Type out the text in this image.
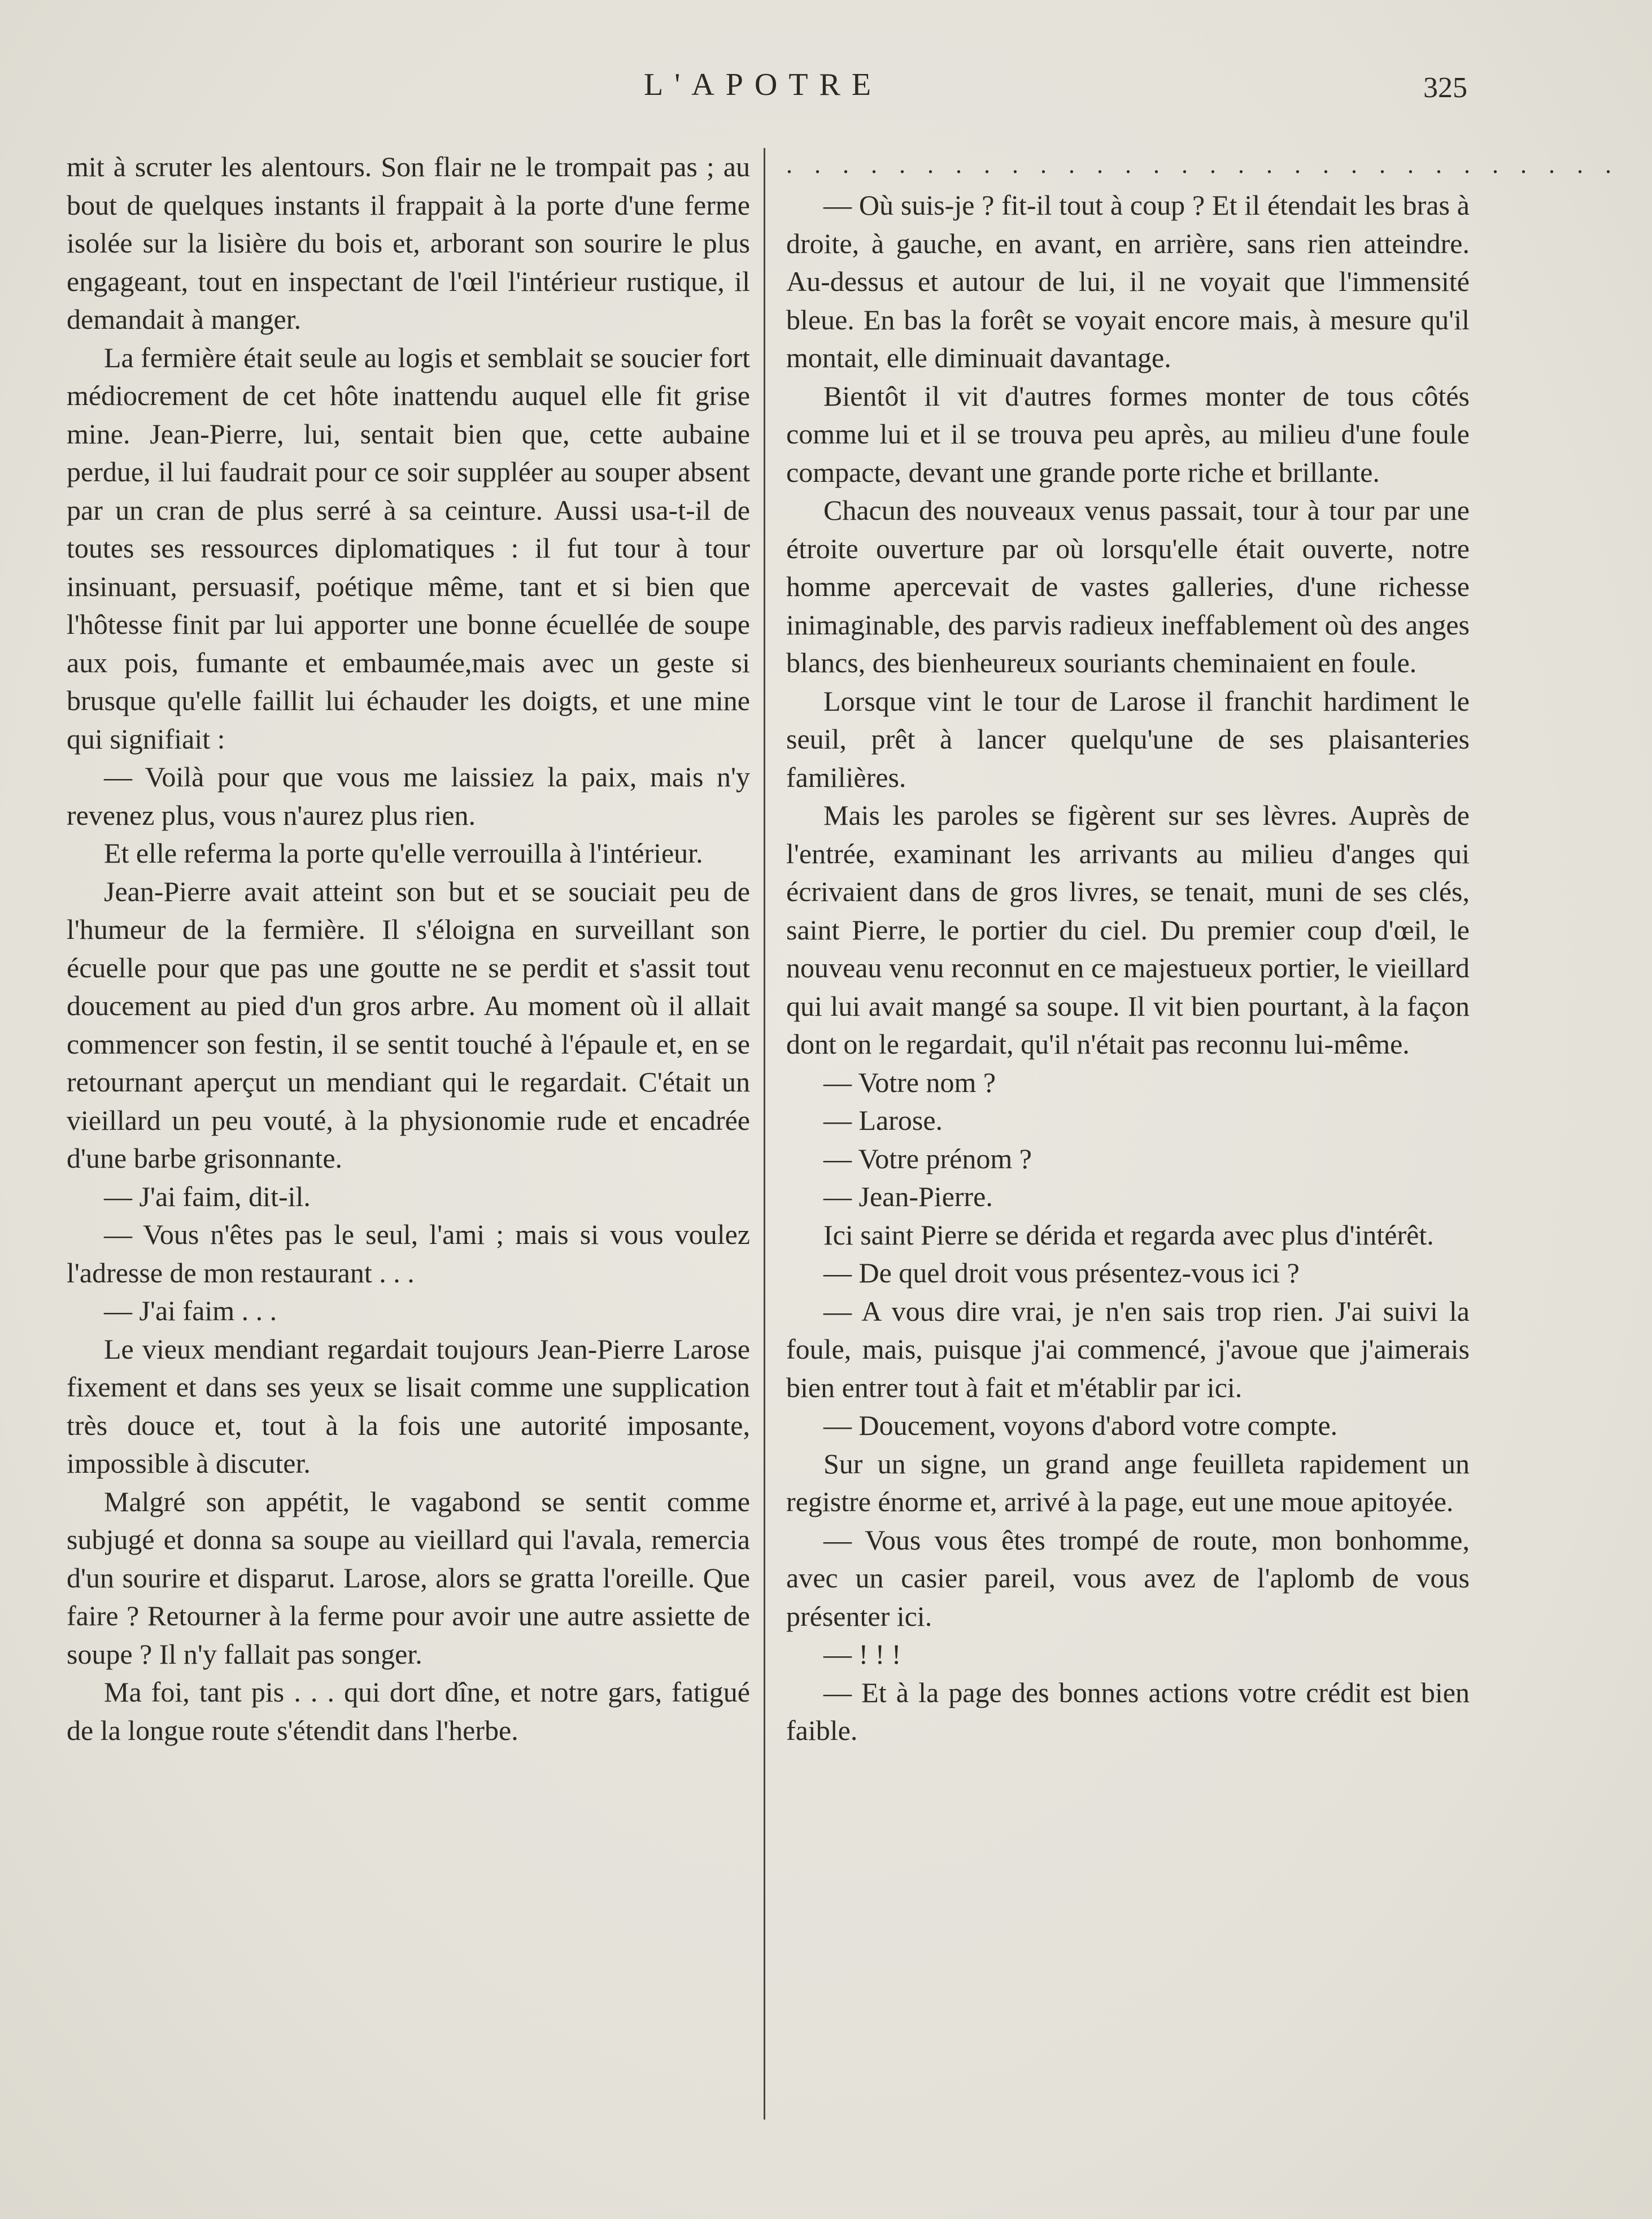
L'APOTRE	325

mit à scruter les alentours. Son flair ne le trompait pas ; au bout de quelques instants il frappait à la porte d'une ferme isolée sur la lisière du bois et, arborant son sourire le plus engageant, tout en inspectant de l'œil l'intérieur rustique, il demandait à manger.

La fermière était seule au logis et semblait se soucier fort médiocrement de cet hôte inattendu auquel elle fit grise mine. Jean-Pierre, lui, sentait bien que, cette aubaine perdue, il lui faudrait pour ce soir suppléer au souper absent par un cran de plus serré à sa ceinture. Aussi usa-t-il de toutes ses ressources diplomatiques : il fut tour à tour insinuant, persuasif, poétique même, tant et si bien que l'hôtesse finit par lui apporter une bonne écuellée de soupe aux pois, fumante et embaumée,mais avec un geste si brusque qu'elle faillit lui échauder les doigts, et une mine qui signifiait :

— Voilà pour que vous me laissiez la paix, mais n'y revenez plus, vous n'aurez plus rien.

Et elle referma la porte qu'elle verrouilla à l'intérieur.

Jean-Pierre avait atteint son but et se souciait peu de l'humeur de la fermière. Il s'éloigna en surveillant son écuelle pour que pas une goutte ne se perdit et s'assit tout doucement au pied d'un gros arbre. Au moment où il allait commencer son festin, il se sentit touché à l'épaule et, en se retournant aperçut un mendiant qui le regardait. C'était un vieillard un peu vouté, à la physionomie rude et encadrée d'une barbe grisonnante.

— J'ai faim, dit-il.

— Vous n'êtes pas le seul, l'ami ; mais si vous voulez l'adresse de mon restaurant . . .

— J'ai faim . . .

Le vieux mendiant regardait toujours Jean-Pierre Larose fixement et dans ses yeux se lisait comme une supplication très douce et, tout à la fois une autorité imposante, impossible à discuter.

Malgré son appétit, le vagabond se sentit comme subjugé et donna sa soupe au vieillard qui l'avala, remercia d'un sourire et disparut. Larose, alors se gratta l'oreille. Que faire ? Retourner à la ferme pour avoir une autre assiette de soupe ? Il n'y fallait pas songer.

Ma foi, tant pis . . . qui dort dîne, et notre gars, fatigué de la longue route s'étendit dans l'herbe.

. . . . . . . . . . . . . . . . . . . . . . . . . . . . . .

— Où suis-je ? fit-il tout à coup ? Et il étendait les bras à droite, à gauche, en avant, en arrière, sans rien atteindre. Au-dessus et autour de lui, il ne voyait que l'immensité bleue. En bas la forêt se voyait encore mais, à mesure qu'il montait, elle diminuait davantage.

Bientôt il vit d'autres formes monter de tous côtés comme lui et il se trouva peu après, au milieu d'une foule compacte, devant une grande porte riche et brillante.

Chacun des nouveaux venus passait, tour à tour par une étroite ouverture par où lorsqu'elle était ouverte, notre homme apercevait de vastes galleries, d'une richesse inimaginable, des parvis radieux ineffablement où des anges blancs, des bienheureux souriants cheminaient en foule.

Lorsque vint le tour de Larose il franchit hardiment le seuil, prêt à lancer quelqu'une de ses plaisanteries familières.

Mais les paroles se figèrent sur ses lèvres. Auprès de l'entrée, examinant les arrivants au milieu d'anges qui écrivaient dans de gros livres, se tenait, muni de ses clés, saint Pierre, le portier du ciel. Du premier coup d'œil, le nouveau venu reconnut en ce majestueux portier, le vieillard qui lui avait mangé sa soupe. Il vit bien pourtant, à la façon dont on le regardait, qu'il n'était pas reconnu lui-même.

— Votre nom ?

— Larose.

— Votre prénom ?

— Jean-Pierre.

Ici saint Pierre se dérida et regarda avec plus d'intérêt.

— De quel droit vous présentez-vous ici ?

— A vous dire vrai, je n'en sais trop rien. J'ai suivi la foule, mais, puisque j'ai commencé, j'avoue que j'aimerais bien entrer tout à fait et m'établir par ici.

— Doucement, voyons d'abord votre compte.

Sur un signe, un grand ange feuilleta rapidement un registre énorme et, arrivé à la page, eut une moue apitoyée.

— Vous vous êtes trompé de route, mon bonhomme, avec un casier pareil, vous avez de l'aplomb de vous présenter ici.

— ! ! !

— Et à la page des bonnes actions votre crédit est bien faible.
